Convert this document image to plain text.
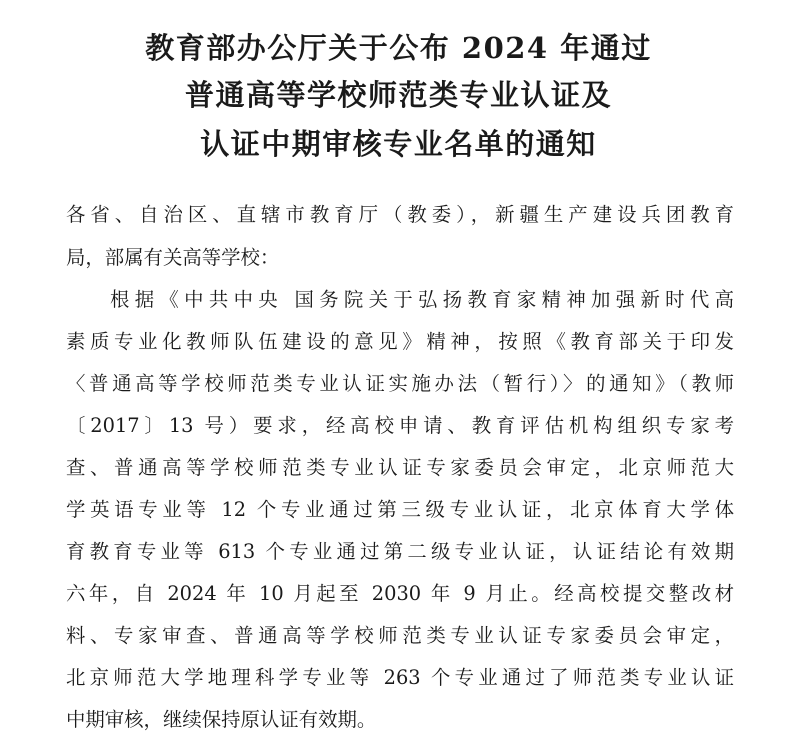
教育部办公厅关于公布 2024 年通过
普通高等学校师范类专业认证及
认证中期审核专业名单的通知

各省、自治区、直辖市教育厅（教委），新疆生产建设兵团教育

局，部属有关高等学校：

根据《中共中央 国务院关于弘扬教育家精神加强新时代高

素质专业化教师队伍建设的意见》精神，按照《教育部关于印发

〈普通高等学校师范类专业认证实施办法（暂行）〉的通知》（教师

〔2017〕13 号）要求，经高校申请、教育评估机构组织专家考

查、普通高等学校师范类专业认证专家委员会审定，北京师范大

学英语专业等 12 个专业通过第三级专业认证，北京体育大学体

育教育专业等 613 个专业通过第二级专业认证，认证结论有效期

六年，自 2024 年 10 月起至 2030 年 9 月止。经高校提交整改材

料、专家审查、普通高等学校师范类专业认证专家委员会审定，

北京师范大学地理科学专业等 263 个专业通过了师范类专业认证

中期审核，继续保持原认证有效期。
